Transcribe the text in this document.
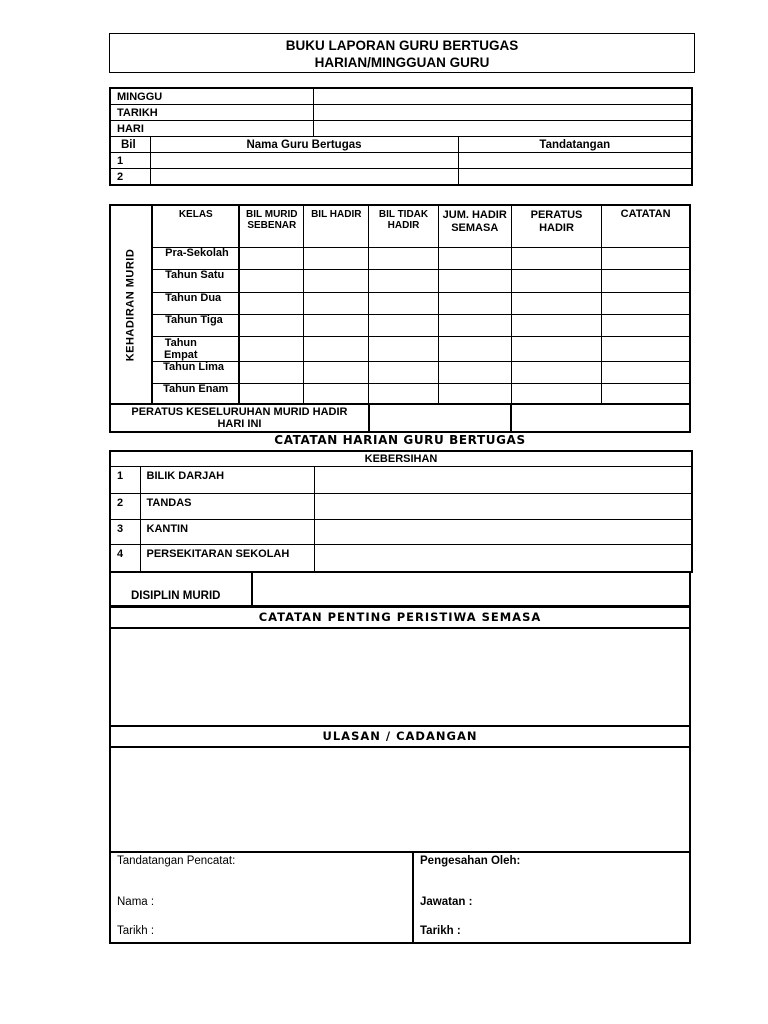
BUKU LAPORAN GURU BERTUGAS
HARIAN/MINGGUAN GURU
MINGGU			
TARIKH			
HARI			
Bil	Nama Guru Bertugas		Tandatangan
1			
2			
KEHADIRAN MURID	KELAS	BIL MURID SEBENAR	BIL HADIR	BIL TIDAK HADIR	JUM. HADIR SEMASA	PERATUS HADIR	CATATAN
	Pra-Sekolah						
	Tahun Satu						
	Tahun Dua						
	Tahun Tiga						
	Tahun Empat						
	Tahun Lima						
	Tahun Enam						
PERATUS KESELURUHAN MURID HADIR HARI INI							
CATATAN HARIAN GURU BERTUGAS
KEBERSIHAN		
1	BILIK DARJAH	
2	TANDAS	
3	KANTIN	
4	PERSEKITARAN SEKOLAH	
DISIPLIN MURID
CATATAN PENTING PERISTIWA SEMASA
ULASAN / CADANGAN
Tandatangan Pencatat:
Nama :
Tarikh :
Pengesahan Oleh:
Jawatan :
Tarikh :
